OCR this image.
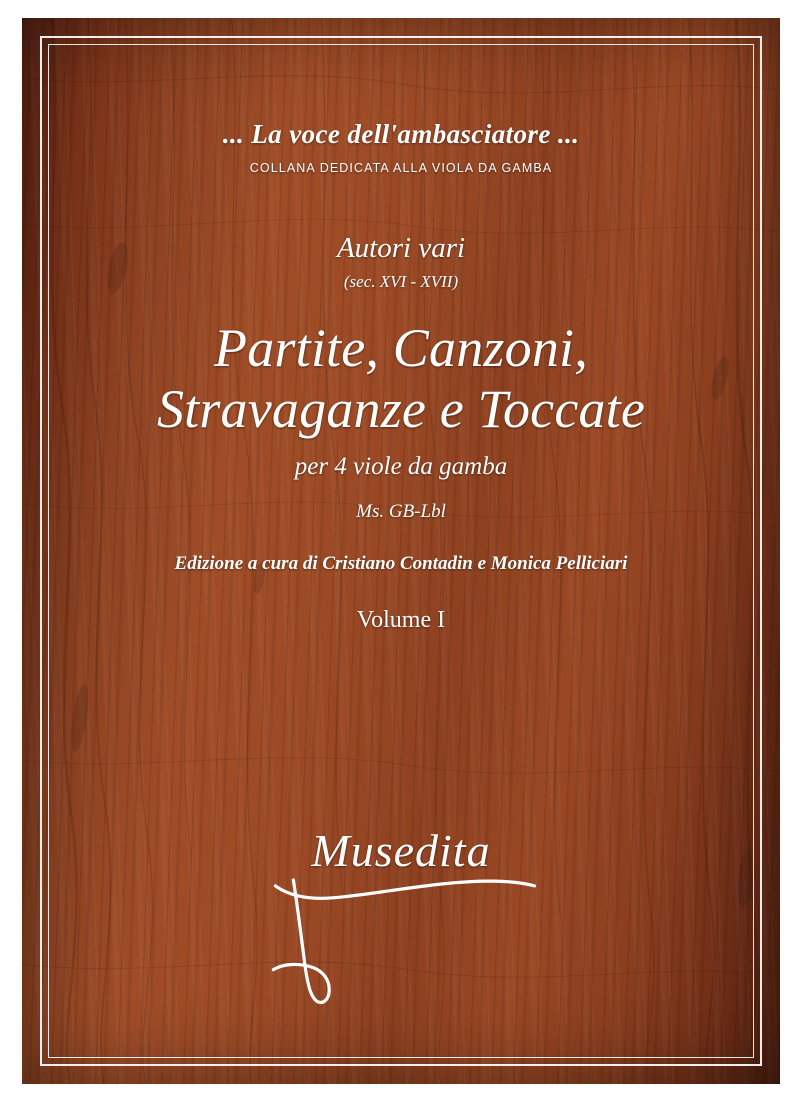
... La voce dell'ambasciatore ...
COLLANA DEDICATA ALLA VIOLA DA GAMBA
Autori vari
(sec. XVI - XVII)
Partite, Canzoni,
Stravaganze e Toccate
per 4 viole da gamba
Ms. GB-Lbl
Edizione a cura di Cristiano Contadin e Monica Pelliciari
Volume I
Musedita
